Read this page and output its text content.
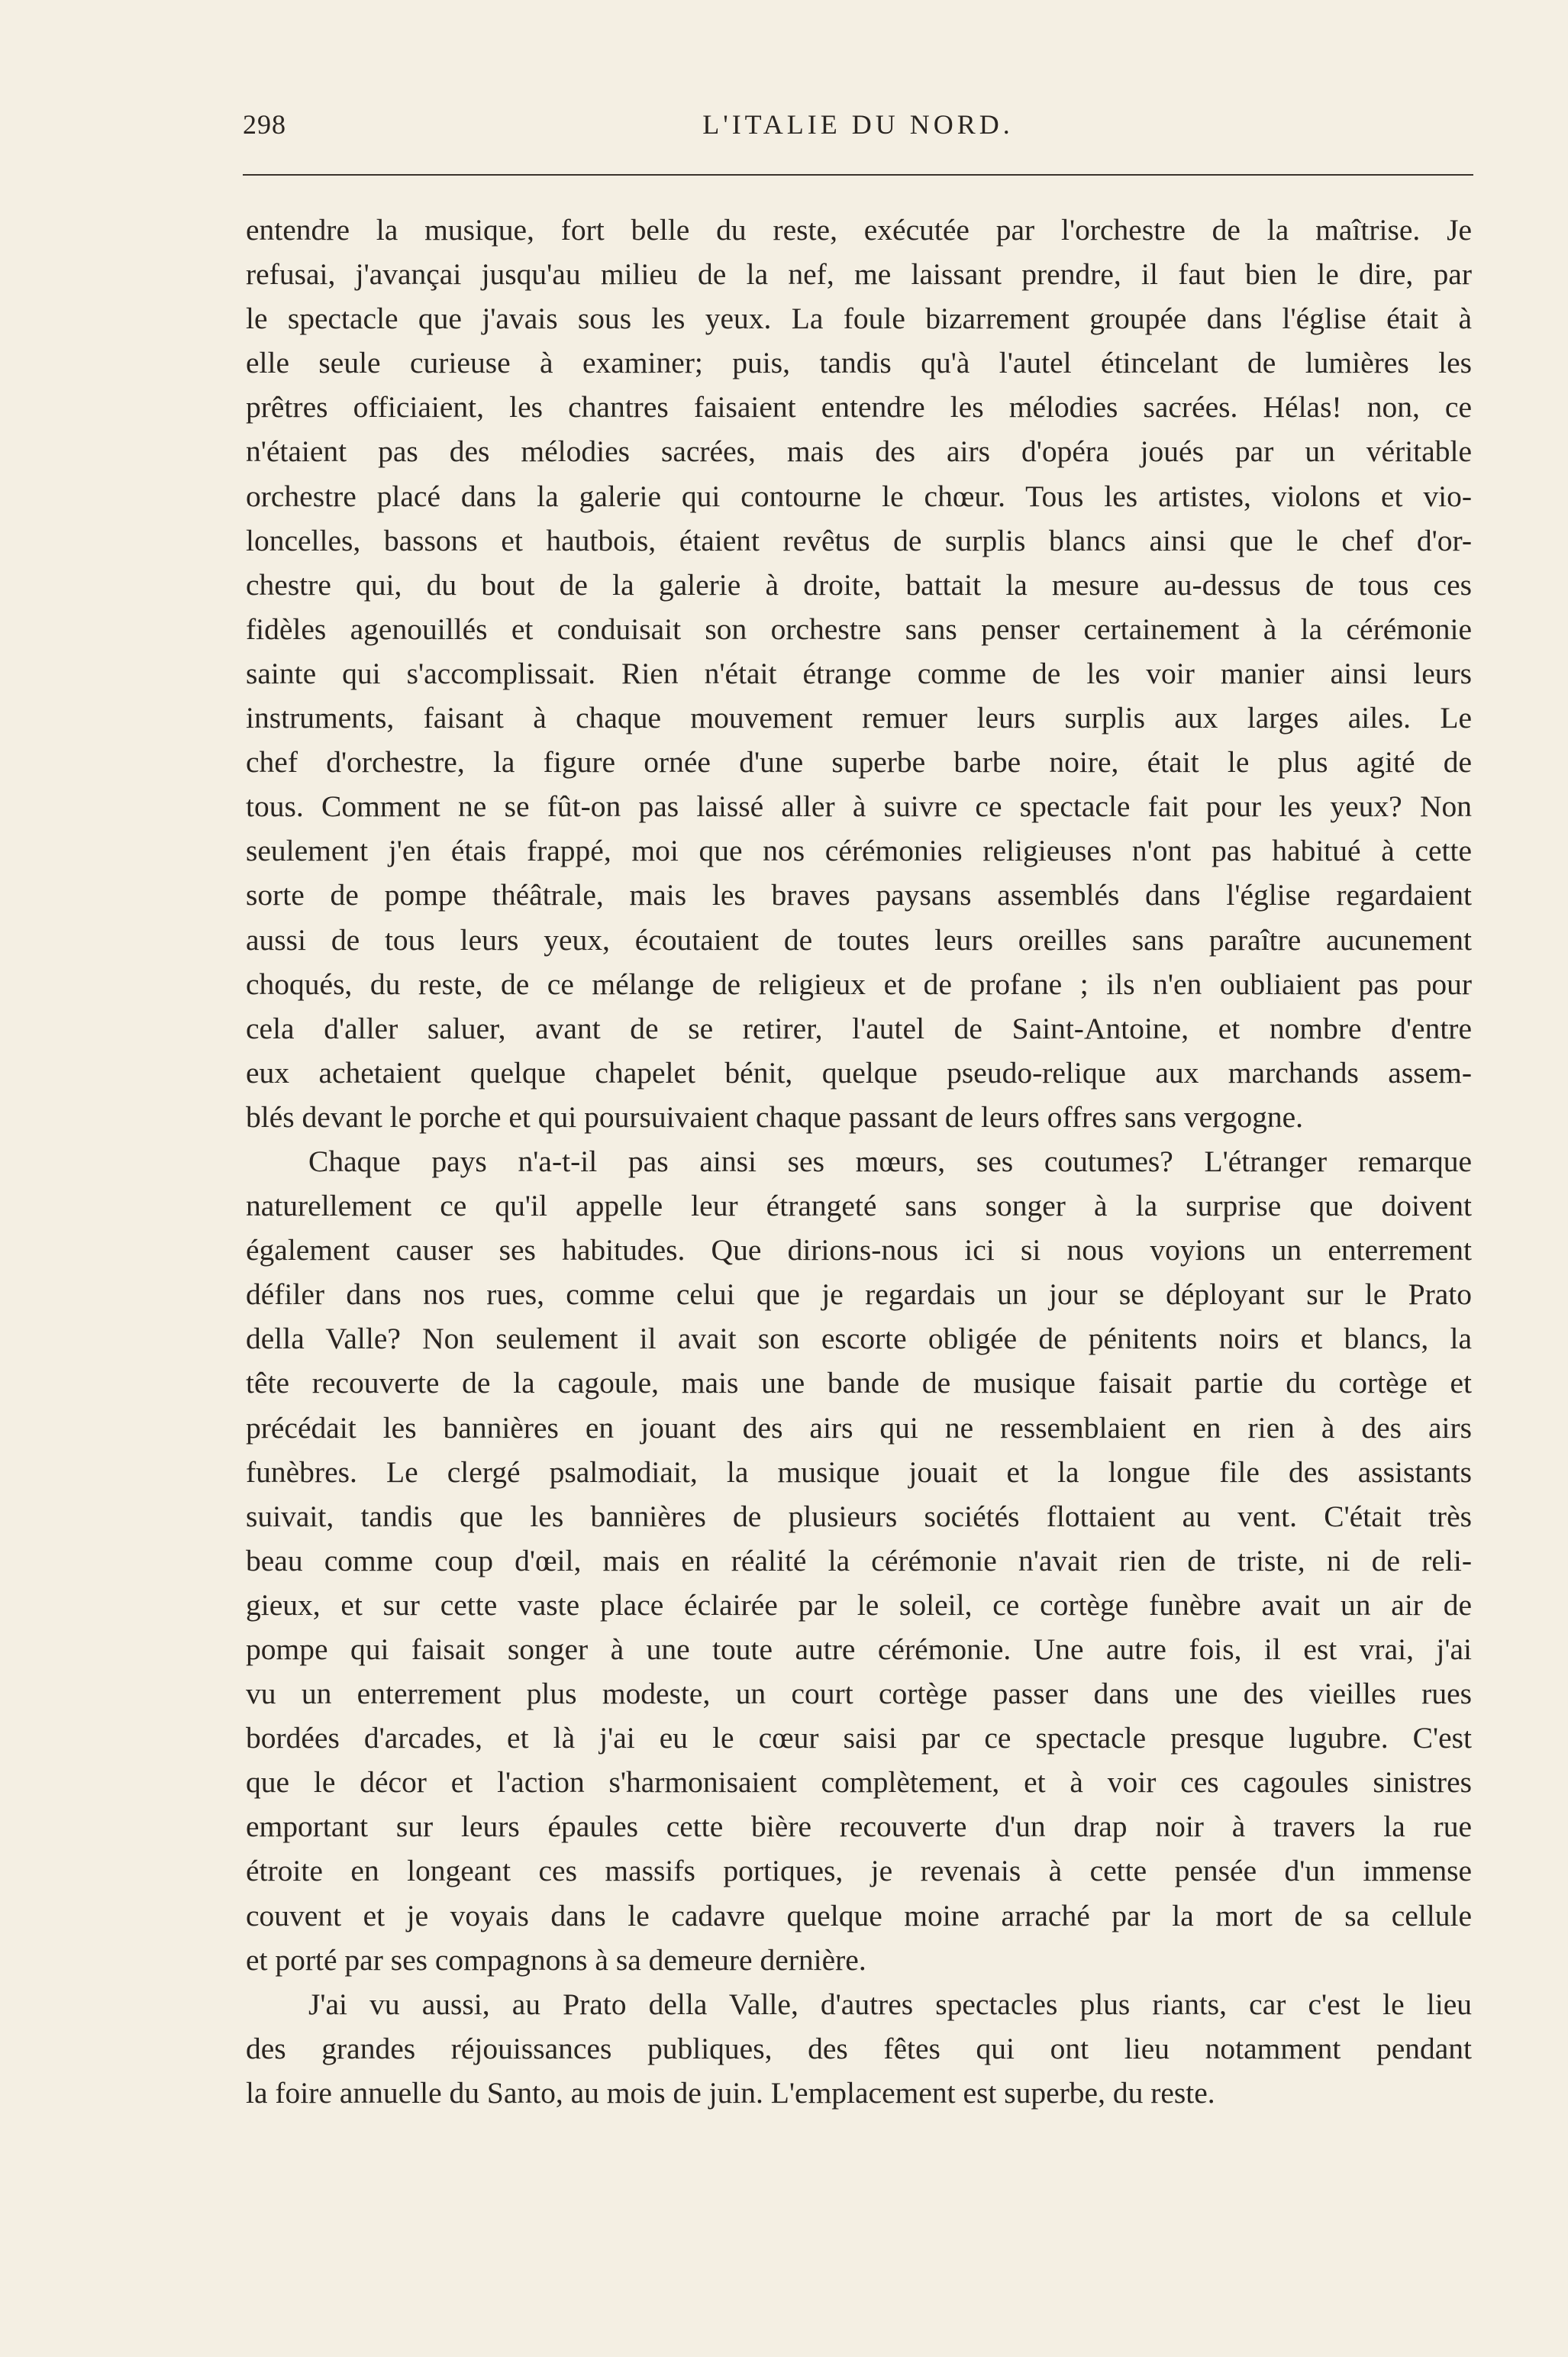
298	L'ITALIE DU NORD.
entendre la musique, fort belle du reste, exécutée par l'orchestre de la maîtrise. Je
refusai, j'avançai jusqu'au milieu de la nef, me laissant prendre, il faut bien le dire, par
le spectacle que j'avais sous les yeux. La foule bizarrement groupée dans l'église était à
elle seule curieuse à examiner; puis, tandis qu'à l'autel étincelant de lumières les
prêtres officiaient, les chantres faisaient entendre les mélodies sacrées. Hélas! non, ce
n'étaient pas des mélodies sacrées, mais des airs d'opéra joués par un véritable
orchestre placé dans la galerie qui contourne le chœur. Tous les artistes, violons et vio-
loncelles, bassons et hautbois, étaient revêtus de surplis blancs ainsi que le chef d'or-
chestre qui, du bout de la galerie à droite, battait la mesure au-dessus de tous ces
fidèles agenouillés et conduisait son orchestre sans penser certainement à la cérémonie
sainte qui s'accomplissait. Rien n'était étrange comme de les voir manier ainsi leurs
instruments, faisant à chaque mouvement remuer leurs surplis aux larges ailes. Le
chef d'orchestre, la figure ornée d'une superbe barbe noire, était le plus agité de
tous. Comment ne se fût-on pas laissé aller à suivre ce spectacle fait pour les yeux? Non
seulement j'en étais frappé, moi que nos cérémonies religieuses n'ont pas habitué à cette
sorte de pompe théâtrale, mais les braves paysans assemblés dans l'église regardaient
aussi de tous leurs yeux, écoutaient de toutes leurs oreilles sans paraître aucunement
choqués, du reste, de ce mélange de religieux et de profane ; ils n'en oubliaient pas pour
cela d'aller saluer, avant de se retirer, l'autel de Saint-Antoine, et nombre d'entre
eux achetaient quelque chapelet bénit, quelque pseudo-relique aux marchands assem-
blés devant le porche et qui poursuivaient chaque passant de leurs offres sans vergogne.
Chaque pays n'a-t-il pas ainsi ses mœurs, ses coutumes? L'étranger remarque
naturellement ce qu'il appelle leur étrangeté sans songer à la surprise que doivent
également causer ses habitudes. Que dirions-nous ici si nous voyions un enterrement
défiler dans nos rues, comme celui que je regardais un jour se déployant sur le Prato
della Valle? Non seulement il avait son escorte obligée de pénitents noirs et blancs, la
tête recouverte de la cagoule, mais une bande de musique faisait partie du cortège et
précédait les bannières en jouant des airs qui ne ressemblaient en rien à des airs
funèbres. Le clergé psalmodiait, la musique jouait et la longue file des assistants
suivait, tandis que les bannières de plusieurs sociétés flottaient au vent. C'était très
beau comme coup d'œil, mais en réalité la cérémonie n'avait rien de triste, ni de reli-
gieux, et sur cette vaste place éclairée par le soleil, ce cortège funèbre avait un air de
pompe qui faisait songer à une toute autre cérémonie. Une autre fois, il est vrai, j'ai
vu un enterrement plus modeste, un court cortège passer dans une des vieilles rues
bordées d'arcades, et là j'ai eu le cœur saisi par ce spectacle presque lugubre. C'est
que le décor et l'action s'harmonisaient complètement, et à voir ces cagoules sinistres
emportant sur leurs épaules cette bière recouverte d'un drap noir à travers la rue
étroite en longeant ces massifs portiques, je revenais à cette pensée d'un immense
couvent et je voyais dans le cadavre quelque moine arraché par la mort de sa cellule
et porté par ses compagnons à sa demeure dernière.
J'ai vu aussi, au Prato della Valle, d'autres spectacles plus riants, car c'est le lieu
des grandes réjouissances publiques, des fêtes qui ont lieu notamment pendant
la foire annuelle du Santo, au mois de juin. L'emplacement est superbe, du reste.
